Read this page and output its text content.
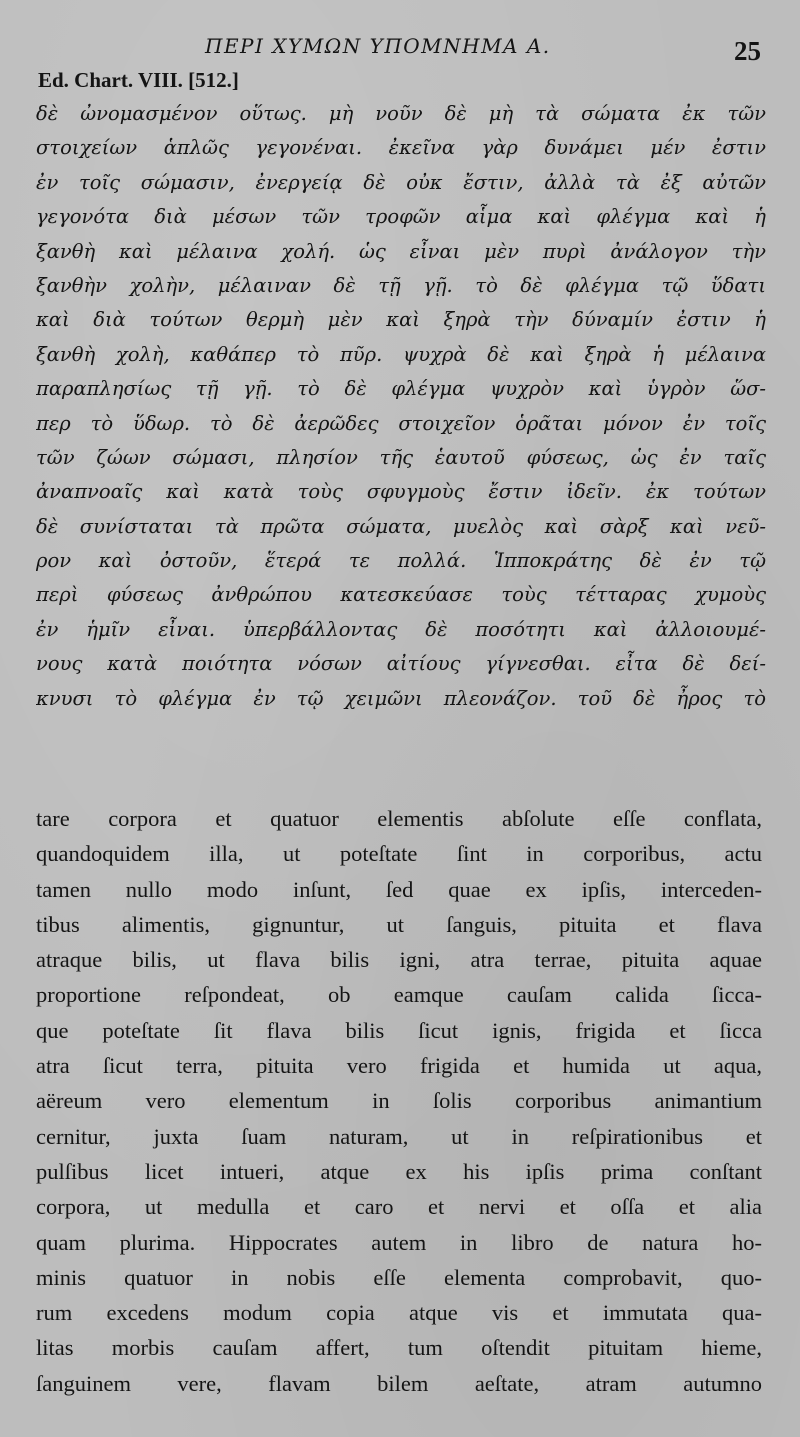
ΠΕΡΙ ΧΥΜΩΝ ΥΠΟΜΝΗΜΑ Α.	25
Ed. Chart. VIII. [512.]
δὲ ὠνομασμένον οὕτως. μὴ νοῦν δὲ μὴ τὰ σώματα ἐκ τῶν
στοιχείων ἁπλῶς γεγονέναι. ἐκεῖνα γὰρ δυνάμει μέν ἐστιν
ἐν τοῖς σώμασιν, ἐνεργείᾳ δὲ οὐκ ἔστιν, ἀλλὰ τὰ ἐξ αὐτῶν
γεγονότα διὰ μέσων τῶν τροφῶν αἷμα καὶ φλέγμα καὶ ἡ
ξανθὴ καὶ μέλαινα χολή. ὡς εἶναι μὲν πυρὶ ἀνάλογον τὴν
ξανθὴν χολὴν, μέλαιναν δὲ τῇ γῇ. τὸ δὲ φλέγμα τῷ ὕδατι
καὶ διὰ τούτων θερμὴ μὲν καὶ ξηρὰ τὴν δύναμίν ἐστιν ἡ
ξανθὴ χολὴ, καθάπερ τὸ πῦρ. ψυχρὰ δὲ καὶ ξηρὰ ἡ μέλαινα
παραπλησίως τῇ γῇ. τὸ δὲ φλέγμα ψυχρὸν καὶ ὑγρὸν ὥσ-
περ τὸ ὕδωρ. τὸ δὲ ἀερῶδες στοιχεῖον ὁρᾶται μόνον ἐν τοῖς
τῶν ζώων σώμασι, πλησίον τῆς ἑαυτοῦ φύσεως, ὡς ἐν ταῖς
ἀναπνοαῖς καὶ κατὰ τοὺς σφυγμοὺς ἔστιν ἰδεῖν. ἐκ τούτων
δὲ συνίσταται τὰ πρῶτα σώματα, μυελὸς καὶ σὰρξ καὶ νεῦ-
ρον καὶ ὀστοῦν, ἕτερά τε πολλά. Ἱπποκράτης δὲ ἐν τῷ
περὶ φύσεως ἀνθρώπου κατεσκεύασε τοὺς τέτταρας χυμοὺς
ἐν ἡμῖν εἶναι. ὑπερβάλλοντας δὲ ποσότητι καὶ ἀλλοιουμέ-
νους κατὰ ποιότητα νόσων αἰτίους γίγνεσθαι. εἶτα δὲ δεί-
κνυσι τὸ φλέγμα ἐν τῷ χειμῶνι πλεονάζον. τοῦ δὲ ἦρος τὸ
tare corpora et quatuor elementis abſolute eſſe conflata,
quandoquidem illa, ut poteſtate ſint in corporibus, actu
tamen nullo modo inſunt, ſed quae ex ipſis, interceden-
tibus alimentis, gignuntur, ut ſanguis, pituita et flava
atraque bilis, ut flava bilis igni, atra terrae, pituita aquae
proportione reſpondeat, ob eamque cauſam calida ſicca-
que poteſtate ſit flava bilis ſicut ignis, frigida et ſicca
atra ſicut terra, pituita vero frigida et humida ut aqua,
aëreum vero elementum in ſolis corporibus animantium
cernitur, juxta ſuam naturam, ut in reſpirationibus et
pulſibus licet intueri, atque ex his ipſis prima conſtant
corpora, ut medulla et caro et nervi et oſſa et alia
quam plurima. Hippocrates autem in libro de natura ho-
minis quatuor in nobis eſſe elementa comprobavit, quo-
rum excedens modum copia atque vis et immutata qua-
litas morbis cauſam affert, tum oſtendit pituitam hieme,
ſanguinem vere, flavam bilem aeſtate, atram autumno
